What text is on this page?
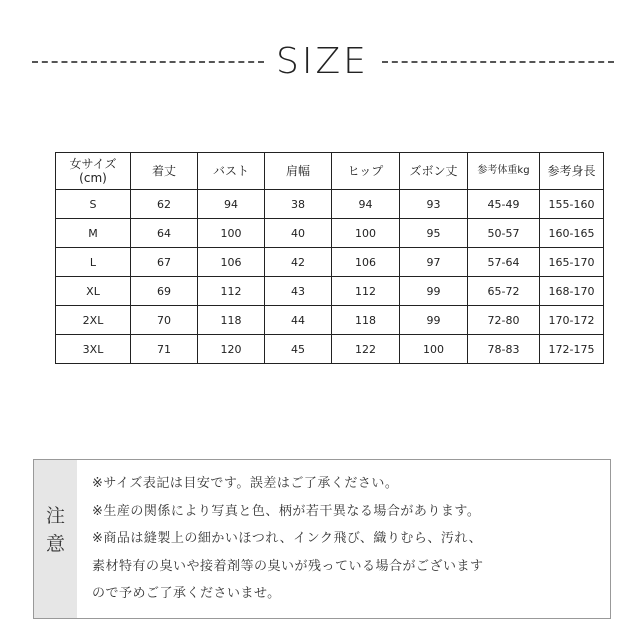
SIZE
女サイズ
(cm)	着丈	バスト	肩幅	ヒップ	ズボン丈	参考体重kg	参考身長
S	62	94	38	94	93	45-49	155-160
M	64	100	40	100	95	50-57	160-165
L	67	106	42	106	97	57-64	165-170
XL	69	112	43	112	99	65-72	168-170
2XL	70	118	44	118	99	72-80	170-172
3XL	71	120	45	122	100	78-83	172-175
注
意
※サイズ表記は目安です。誤差はご了承ください。
※生産の関係により写真と色、柄が若干異なる場合があります。
※商品は縫製上の細かいほつれ、インク飛び、織りむら、汚れ、
素材特有の臭いや接着剤等の臭いが残っている場合がございます
ので予めご了承くださいませ。
